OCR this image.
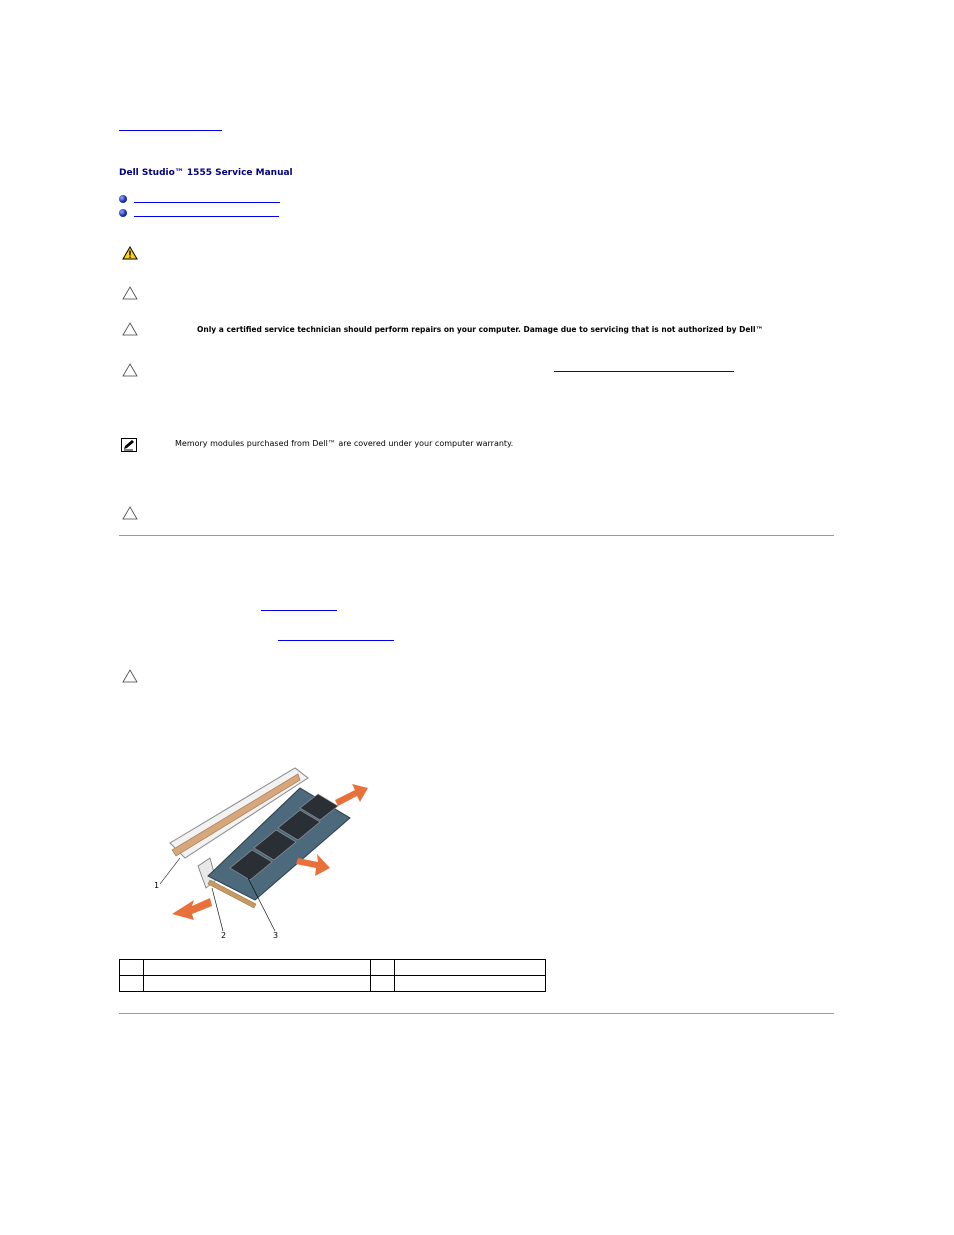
Dell Studio™ 1555 Service Manual
Only a certified service technician should perform repairs on your computer. Damage due to servicing that is not authorized by Dell™
Memory modules purchased from Dell™ are covered under your computer warranty.
1
2	3
